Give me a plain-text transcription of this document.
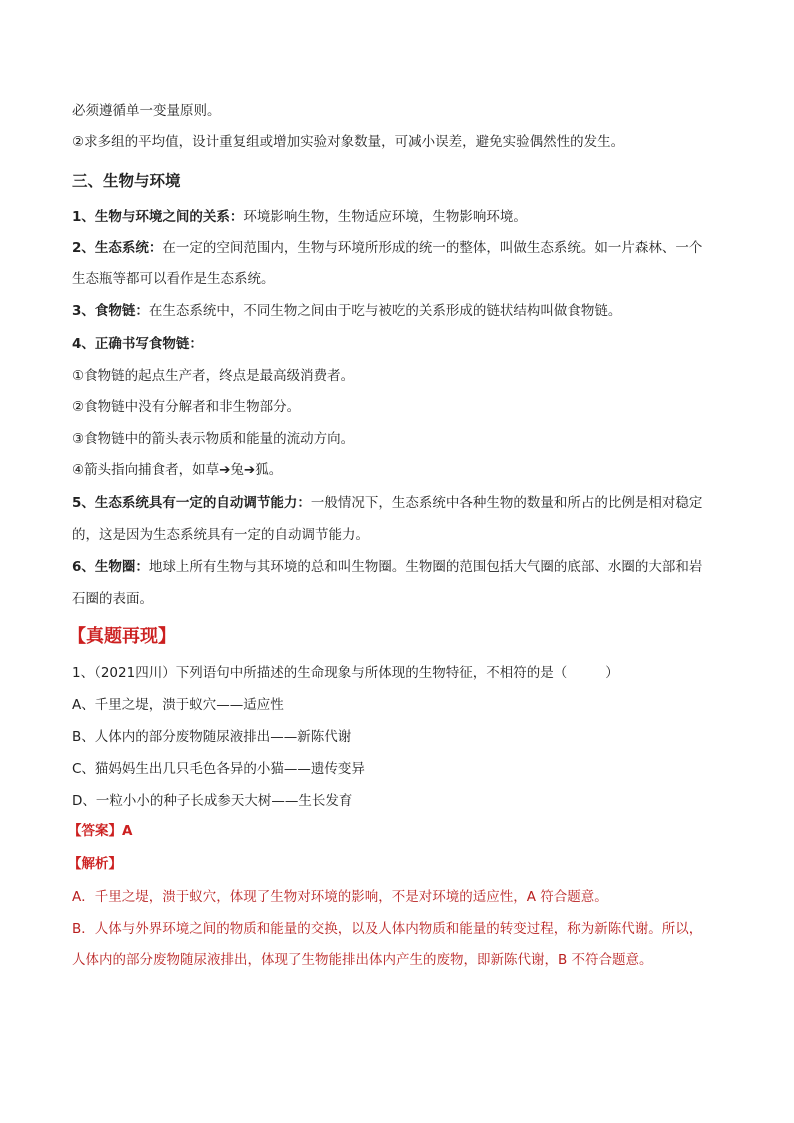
必须遵循单一变量原则。
②求多组的平均值，设计重复组或增加实验对象数量，可减小误差，避免实验偶然性的发生。
三、生物与环境
1、生物与环境之间的关系：环境影响生物，生物适应环境，生物影响环境。
2、生态系统：在一定的空间范围内，生物与环境所形成的统一的整体，叫做生态系统。如一片森林、一个
生态瓶等都可以看作是生态系统。
3、食物链：在生态系统中，不同生物之间由于吃与被吃的关系形成的链状结构叫做食物链。
4、正确书写食物链：
①食物链的起点生产者，终点是最高级消费者。
②食物链中没有分解者和非生物部分。
③食物链中的箭头表示物质和能量的流动方向。
④箭头指向捕食者，如草➔兔➔狐。
5、生态系统具有一定的自动调节能力：一般情况下，生态系统中各种生物的数量和所占的比例是相对稳定
的，这是因为生态系统具有一定的自动调节能力。
6、生物圈：地球上所有生物与其环境的总和叫生物圈。生物圈的范围包括大气圈的底部、水圈的大部和岩
石圈的表面。
【真题再现】
1、（2021四川）下列语句中所描述的生命现象与所体现的生物特征，不相符的是（	）
A、千里之堤，溃于蚁穴——适应性
B、人体内的部分废物随尿液排出——新陈代谢
C、猫妈妈生出几只毛色各异的小猫——遗传变异
D、一粒小小的种子长成参天大树——生长发育
【答案】A
【解析】
A．千里之堤，溃于蚁穴，体现了生物对环境的影响，不是对环境的适应性，A 符合题意。
B．人体与外界环境之间的物质和能量的交换，以及人体内物质和能量的转变过程，称为新陈代谢。所以，
人体内的部分废物随尿液排出，体现了生物能排出体内产生的废物，即新陈代谢，B 不符合题意。
